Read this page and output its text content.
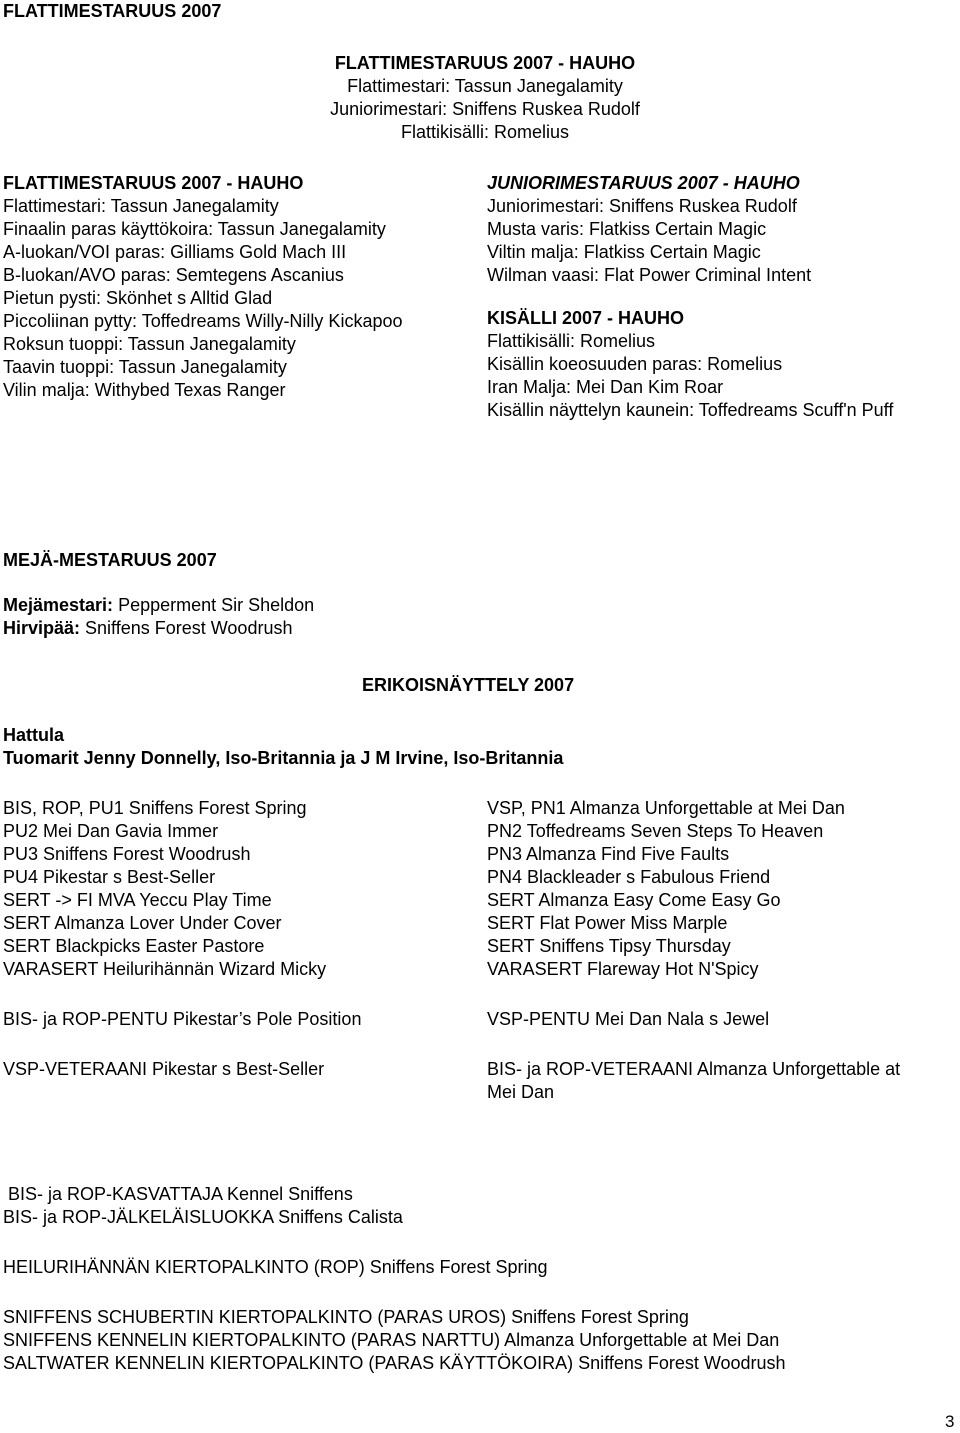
FLATTIMESTARUUS 2007
FLATTIMESTARUUS 2007 - HAUHO
Flattimestari: Tassun Janegalamity
Juniorimestari: Sniffens Ruskea Rudolf
Flattikisälli: Romelius
FLATTIMESTARUUS 2007 - HAUHO
Flattimestari: Tassun Janegalamity
Finaalin paras käyttökoira: Tassun Janegalamity
A-luokan/VOI paras: Gilliams Gold Mach III
B-luokan/AVO paras: Semtegens Ascanius
Pietun pysti: Skönhet s Alltid Glad
Piccoliinan pytty: Toffedreams Willy-Nilly Kickapoo
Roksun tuoppi: Tassun Janegalamity
Taavin tuoppi: Tassun Janegalamity
Vilin malja: Withybed Texas Ranger
JUNIORIMESTARUUS 2007 - HAUHO
Juniorimestari: Sniffens Ruskea Rudolf
Musta varis: Flatkiss Certain Magic
Viltin malja: Flatkiss Certain Magic
Wilman vaasi: Flat Power Criminal Intent
KISÄLLI 2007 - HAUHO
Flattikisälli: Romelius
Kisällin koeosuuden paras: Romelius
Iran Malja: Mei Dan Kim Roar
Kisällin näyttelyn kaunein: Toffedreams Scuff'n Puff
MEJÄ-MESTARUUS 2007
Mejämestari: Pepperment Sir Sheldon
Hirvipää: Sniffens Forest Woodrush
ERIKOISNÄYTTELY 2007
Hattula
Tuomarit Jenny Donnelly, Iso-Britannia ja J M Irvine, Iso-Britannia
BIS, ROP, PU1 Sniffens Forest Spring
PU2 Mei Dan Gavia Immer
PU3 Sniffens Forest Woodrush
PU4 Pikestar s Best-Seller
SERT -> FI MVA Yeccu Play Time
SERT Almanza Lover Under Cover
SERT Blackpicks Easter Pastore
VARASERT Heilurihännän Wizard Micky
BIS- ja ROP-PENTU Pikestar’s Pole Position
VSP-VETERAANI Pikestar s Best-Seller
VSP, PN1 Almanza Unforgettable at Mei Dan
PN2 Toffedreams Seven Steps To Heaven
PN3 Almanza Find Five Faults
PN4 Blackleader s Fabulous Friend
SERT Almanza Easy Come Easy Go
SERT Flat Power Miss Marple
SERT Sniffens Tipsy Thursday
VARASERT Flareway Hot N'Spicy
VSP-PENTU Mei Dan Nala s Jewel
BIS- ja ROP-VETERAANI Almanza Unforgettable at
Mei Dan
BIS- ja ROP-KASVATTAJA Kennel Sniffens
BIS- ja ROP-JÄLKELÄISLUOKKA Sniffens Calista
HEILURIHÄNNÄN KIERTOPALKINTO (ROP) Sniffens Forest Spring
SNIFFENS SCHUBERTIN KIERTOPALKINTO (PARAS UROS) Sniffens Forest Spring
SNIFFENS KENNELIN KIERTOPALKINTO (PARAS NARTTU) Almanza Unforgettable at Mei Dan
SALTWATER KENNELIN KIERTOPALKINTO (PARAS KÄYTTÖKOIRA) Sniffens Forest Woodrush
3
